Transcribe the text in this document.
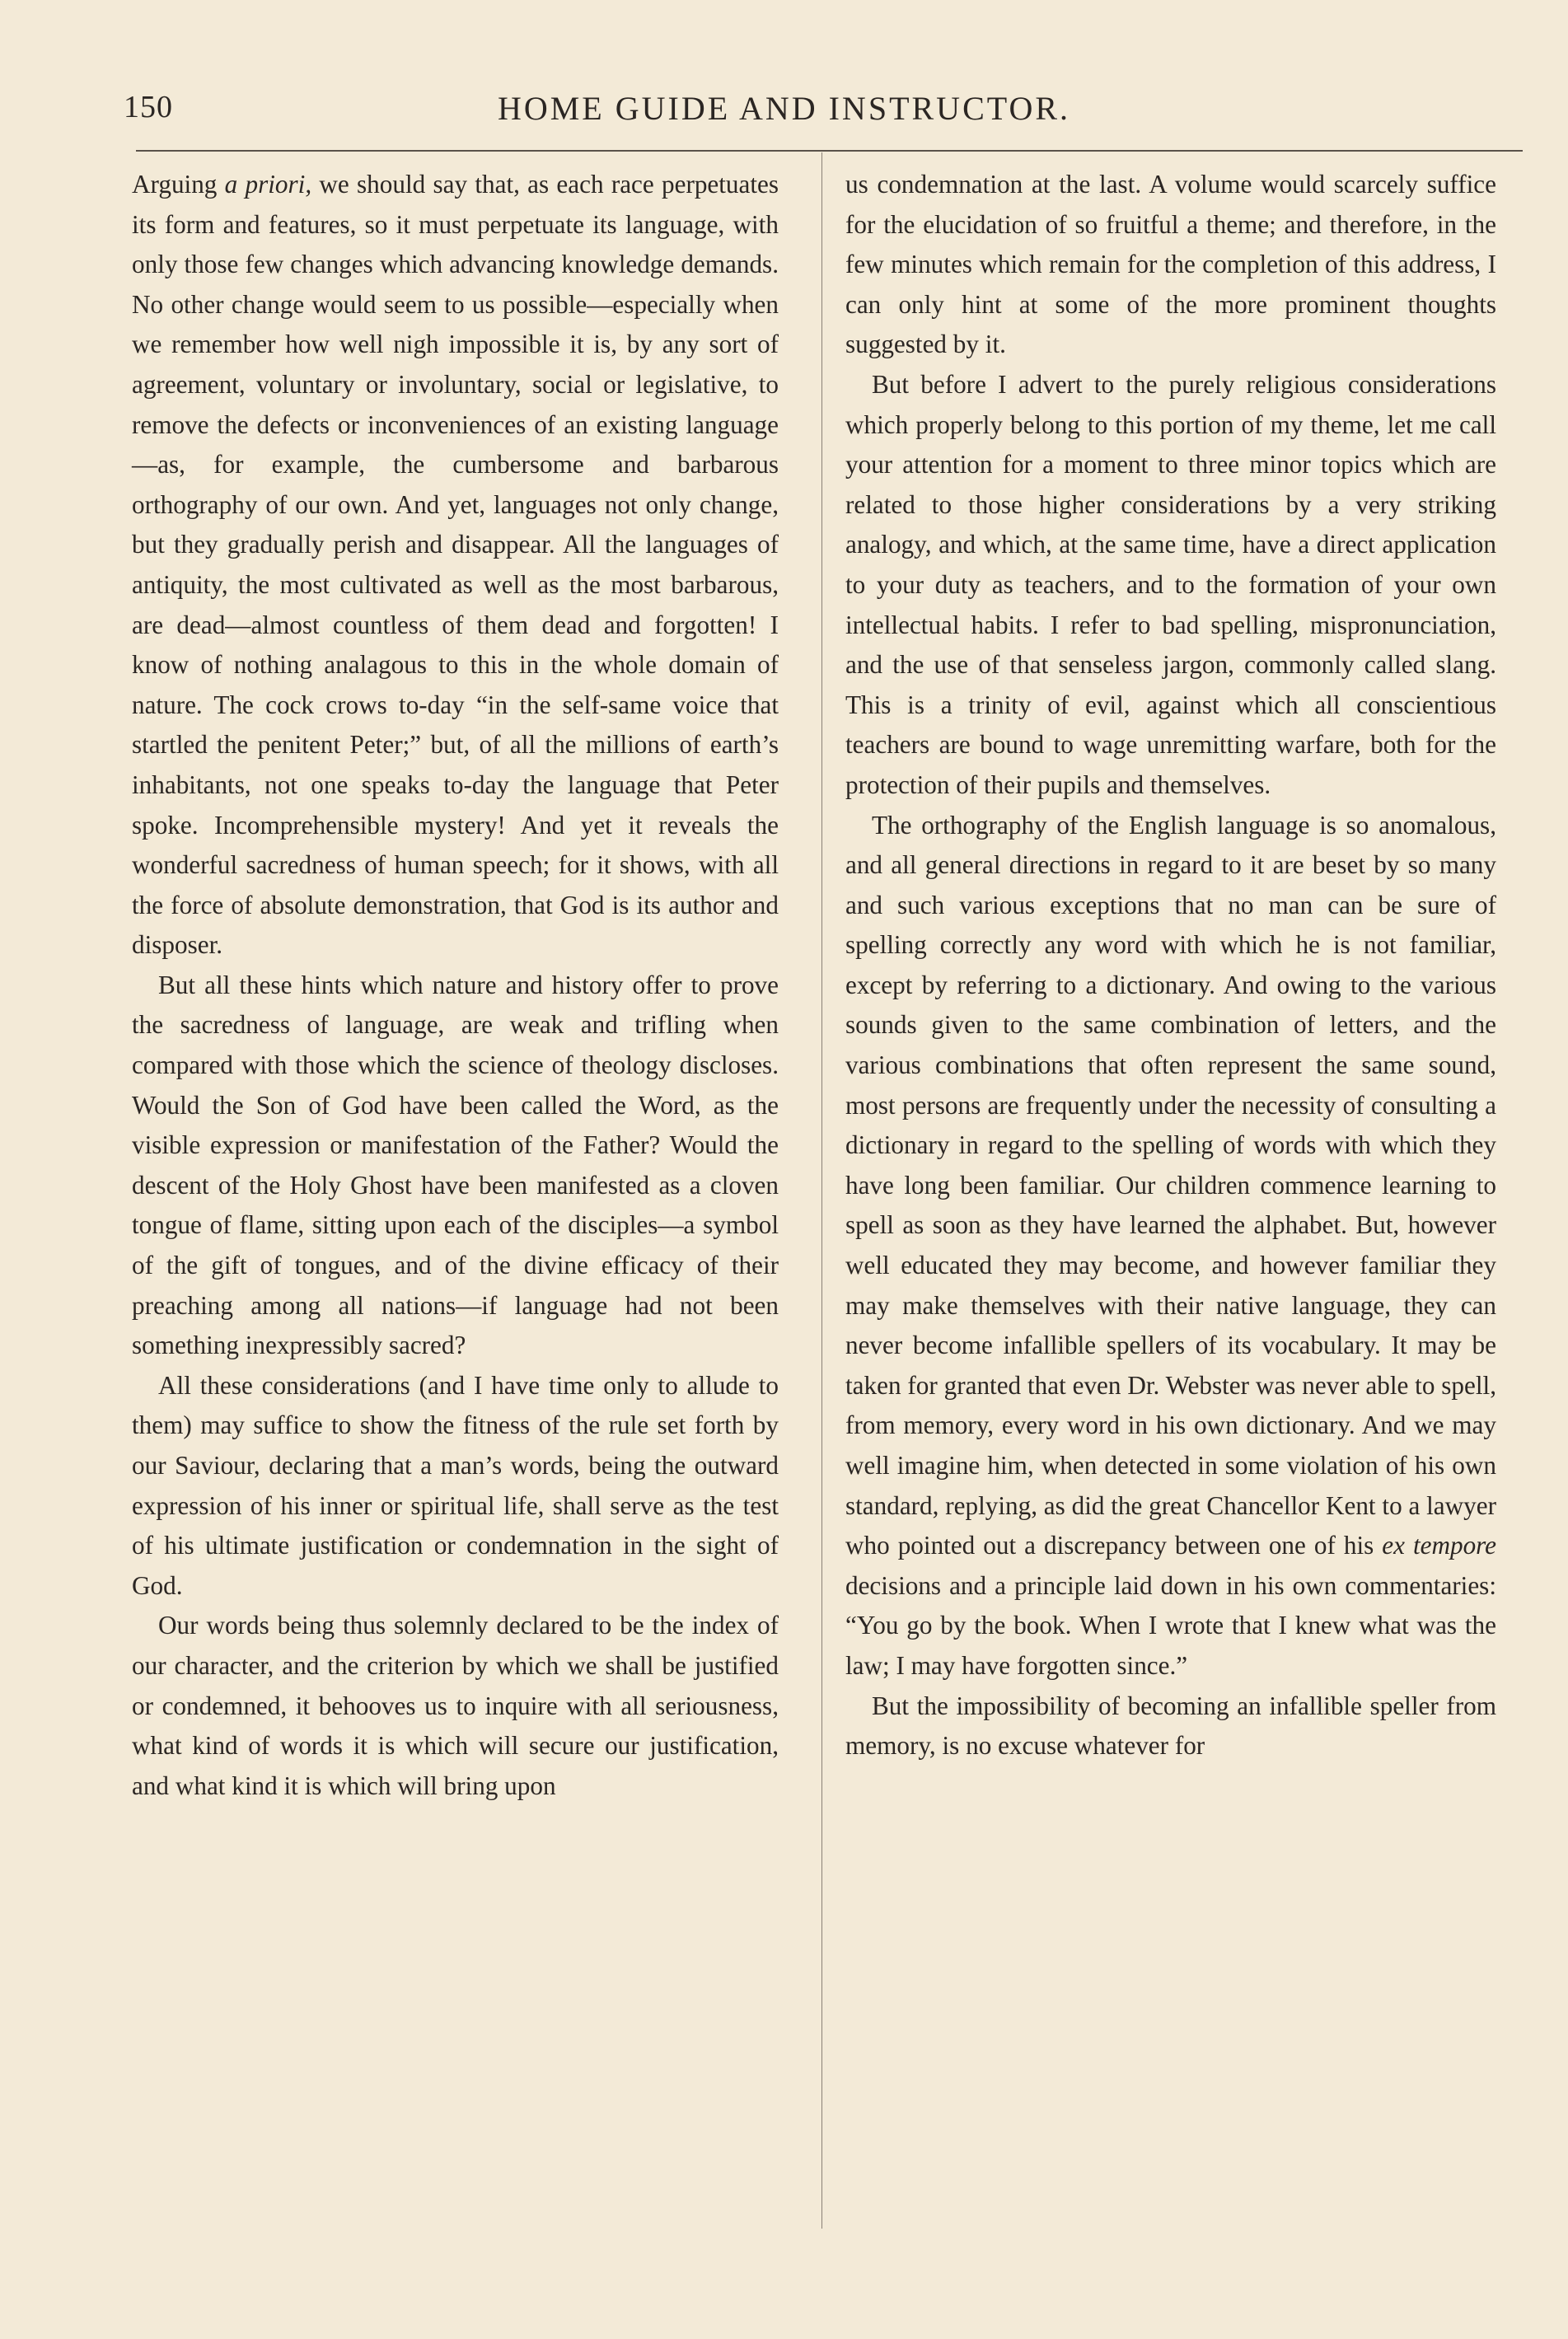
150	HOME GUIDE AND INSTRUCTOR.

Arguing a priori, we should say that, as each race perpetuates its form and features, so it must perpetuate its language, with only those few changes which advancing knowledge demands. No other change would seem to us possible—especially when we remember how well nigh impossible it is, by any sort of agreement, voluntary or involuntary, social or legislative, to remove the defects or inconveniences of an existing language—as, for example, the cumbersome and barbarous orthography of our own. And yet, languages not only change, but they gradually perish and disappear. All the languages of antiquity, the most cultivated as well as the most barbarous, are dead—almost countless of them dead and forgotten! I know of nothing analagous to this in the whole domain of nature. The cock crows to-day “in the self-same voice that startled the penitent Peter;” but, of all the millions of earth’s inhabitants, not one speaks to-day the language that Peter spoke. Incomprehensible mystery! And yet it reveals the wonderful sacredness of human speech; for it shows, with all the force of absolute demonstration, that God is its author and disposer.

But all these hints which nature and history offer to prove the sacredness of language, are weak and trifling when compared with those which the science of theology discloses. Would the Son of God have been called the Word, as the visible expression or manifestation of the Father? Would the descent of the Holy Ghost have been manifested as a cloven tongue of flame, sitting upon each of the disciples—a symbol of the gift of tongues, and of the divine efficacy of their preaching among all nations—if language had not been something inexpressibly sacred?

All these considerations (and I have time only to allude to them) may suffice to show the fitness of the rule set forth by our Saviour, declaring that a man’s words, being the outward expression of his inner or spiritual life, shall serve as the test of his ultimate justification or condemnation in the sight of God.

Our words being thus solemnly declared to be the index of our character, and the criterion by which we shall be justified or condemned, it behooves us to inquire with all seriousness, what kind of words it is which will secure our justification, and what kind it is which will bring upon

us condemnation at the last. A volume would scarcely suffice for the elucidation of so fruitful a theme; and therefore, in the few minutes which remain for the completion of this address, I can only hint at some of the more prominent thoughts suggested by it.

But before I advert to the purely religious considerations which properly belong to this portion of my theme, let me call your attention for a moment to three minor topics which are related to those higher considerations by a very striking analogy, and which, at the same time, have a direct application to your duty as teachers, and to the formation of your own intellectual habits. I refer to bad spelling, mispronunciation, and the use of that senseless jargon, commonly called slang. This is a trinity of evil, against which all conscientious teachers are bound to wage unremitting warfare, both for the protection of their pupils and themselves.

The orthography of the English language is so anomalous, and all general directions in regard to it are beset by so many and such various exceptions that no man can be sure of spelling correctly any word with which he is not familiar, except by referring to a dictionary. And owing to the various sounds given to the same combination of letters, and the various combinations that often represent the same sound, most persons are frequently under the necessity of consulting a dictionary in regard to the spelling of words with which they have long been familiar. Our children commence learning to spell as soon as they have learned the alphabet. But, however well educated they may become, and however familiar they may make themselves with their native language, they can never become infallible spellers of its vocabulary. It may be taken for granted that even Dr. Webster was never able to spell, from memory, every word in his own dictionary. And we may well imagine him, when detected in some violation of his own standard, replying, as did the great Chancellor Kent to a lawyer who pointed out a discrepancy between one of his ex tempore decisions and a principle laid down in his own commentaries: “You go by the book. When I wrote that I knew what was the law; I may have forgotten since.”

But the impossibility of becoming an infallible speller from memory, is no excuse whatever for
